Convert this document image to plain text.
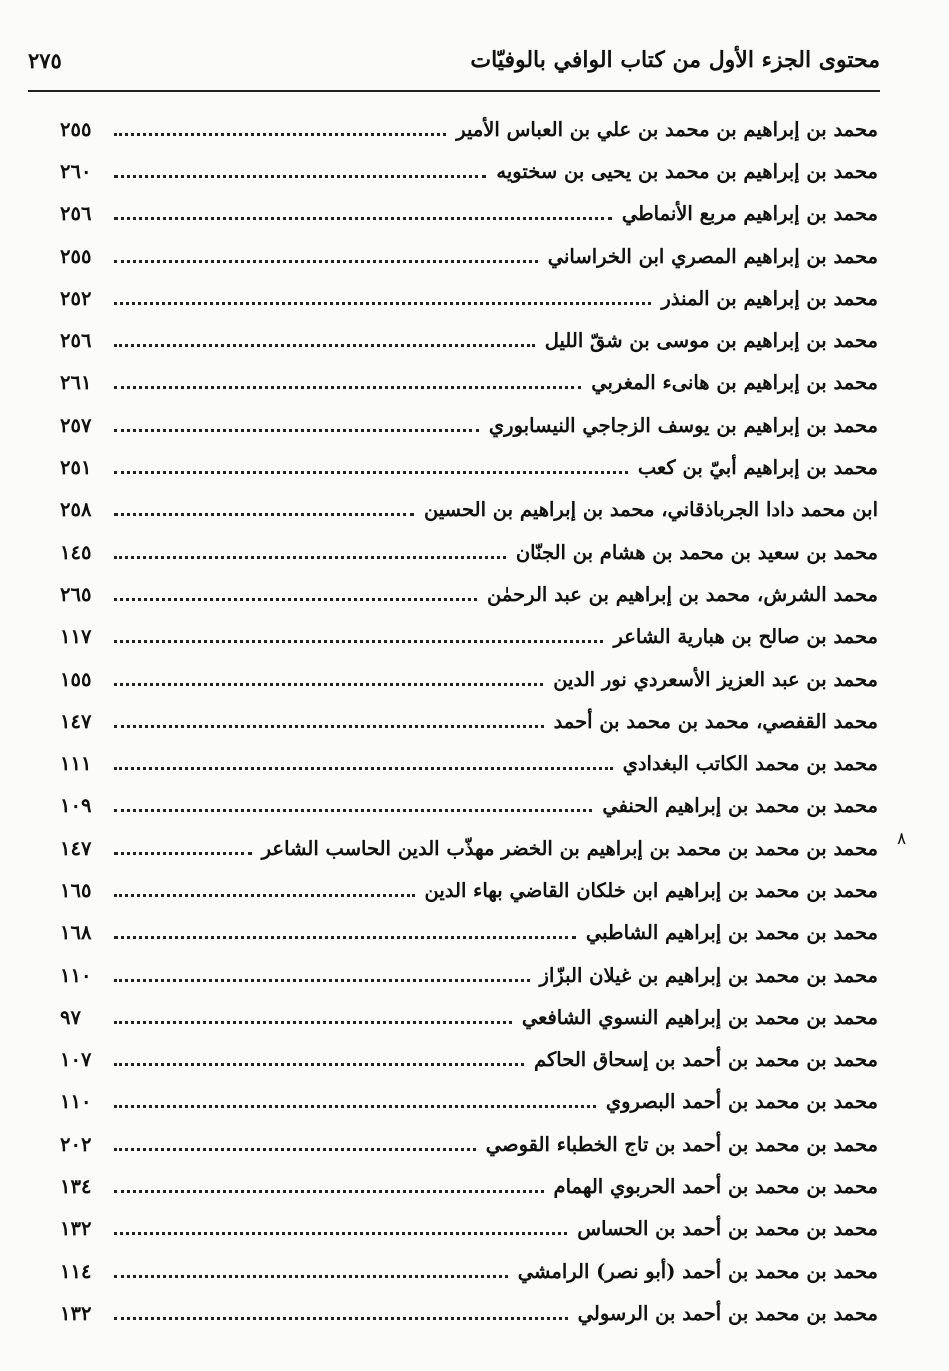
محتوى الجزء الأول من كتاب الوافي بالوفيّات
٢٧٥
٨
محمد بن إبراهيم بن محمد بن علي بن العباس الأمير
٢٥٥
محمد بن إبراهيم بن محمد بن يحيى بن سختويه
٢٦٠
محمد بن إبراهيم مربع الأنماطي
٢٥٦
محمد بن إبراهيم المصري ابن الخراساني
٢٥٥
محمد بن إبراهيم بن المنذر
٢٥٢
محمد بن إبراهيم بن موسى بن شقّ الليل
٢٥٦
محمد بن إبراهيم بن هانىء المغربي
٢٦١
محمد بن إبراهيم بن يوسف الزجاجي النيسابوري
٢٥٧
محمد بن إبراهيم أبيّ بن كعب
٢٥١
ابن محمد دادا الجرباذقاني، محمد بن إبراهيم بن الحسين
٢٥٨
محمد بن سعيد بن محمد بن هشام بن الجنّان
١٤٥
محمد الشرش، محمد بن إبراهيم بن عبد الرحمٰن
٢٦٥
محمد بن صالح بن هبارية الشاعر
١١٧
محمد بن عبد العزيز الأسعردي نور الدين
١٥٥
محمد القفصي، محمد بن محمد بن أحمد
١٤٧
محمد بن محمد الكاتب البغدادي
١١١
محمد بن محمد بن إبراهيم الحنفي
١٠٩
محمد بن محمد بن محمد بن إبراهيم بن الخضر مهذّب الدين الحاسب الشاعر
١٤٧
محمد بن محمد بن إبراهيم ابن خلكان القاضي بهاء الدين
١٦٥
محمد بن محمد بن إبراهيم الشاطبي
١٦٨
محمد بن محمد بن إبراهيم بن غيلان البزّاز
١١٠
محمد بن محمد بن إبراهيم النسوي الشافعي
٩٧
محمد بن محمد بن أحمد بن إسحاق الحاكم
١٠٧
محمد بن محمد بن أحمد البصروي
١١٠
محمد بن محمد بن أحمد بن تاج الخطباء القوصي
٢٠٢
محمد بن محمد بن أحمد الحربوي الهمام
١٣٤
محمد بن محمد بن أحمد بن الحساس
١٣٢
محمد بن محمد بن أحمد (أبو نصر) الرامشي
١١٤
محمد بن محمد بن أحمد بن الرسولي
١٣٢
